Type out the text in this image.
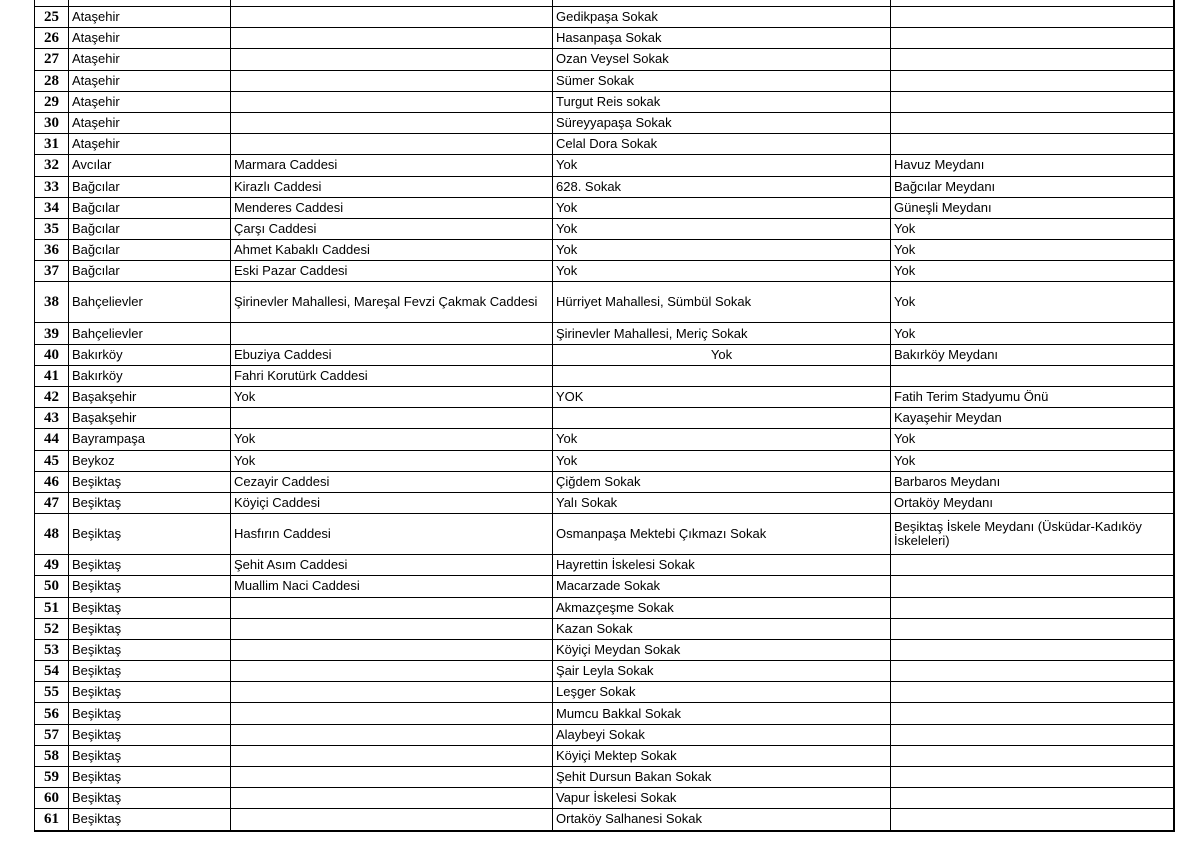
25	Ataşehir		Gedikpaşa Sokak	
26	Ataşehir		Hasanpaşa Sokak	
27	Ataşehir		Ozan Veysel Sokak	
28	Ataşehir		Sümer Sokak	
29	Ataşehir		Turgut Reis sokak	
30	Ataşehir		Süreyyapaşa Sokak	
31	Ataşehir		Celal Dora Sokak	
32	Avcılar	Marmara Caddesi	Yok	Havuz Meydanı
33	Bağcılar	Kirazlı Caddesi	628. Sokak	Bağcılar Meydanı
34	Bağcılar	Menderes Caddesi	Yok	Güneşli Meydanı
35	Bağcılar	Çarşı Caddesi	Yok	Yok
36	Bağcılar	Ahmet Kabaklı Caddesi	Yok	Yok
37	Bağcılar	Eski Pazar Caddesi	Yok	Yok
38	Bahçelievler	Şirinevler Mahallesi, Mareşal Fevzi Çakmak Caddesi	Hürriyet Mahallesi, Sümbül Sokak	Yok
39	Bahçelievler		Şirinevler Mahallesi, Meriç Sokak	Yok
40	Bakırköy	Ebuziya Caddesi	Yok	Bakırköy Meydanı
41	Bakırköy	Fahri Korutürk Caddesi		
42	Başakşehir	Yok	YOK	Fatih Terim Stadyumu Önü
43	Başakşehir			Kayaşehir Meydan
44	Bayrampaşa	Yok	Yok	Yok
45	Beykoz	Yok	Yok	Yok
46	Beşiktaş	Cezayir Caddesi	Çiğdem Sokak	Barbaros Meydanı
47	Beşiktaş	Köyiçi Caddesi	Yalı Sokak	Ortaköy Meydanı
48	Beşiktaş	Hasfırın Caddesi	Osmanpaşa Mektebi Çıkmazı Sokak	Beşiktaş İskele Meydanı (Üsküdar-Kadıköy İskeleleri)
49	Beşiktaş	Şehit Asım Caddesi	Hayrettin İskelesi Sokak	
50	Beşiktaş	Muallim Naci Caddesi	Macarzade Sokak	
51	Beşiktaş		Akmazçeşme Sokak	
52	Beşiktaş		Kazan Sokak	
53	Beşiktaş		Köyiçi Meydan Sokak	
54	Beşiktaş		Şair Leyla Sokak	
55	Beşiktaş		Leşger Sokak	
56	Beşiktaş		Mumcu Bakkal Sokak	
57	Beşiktaş		Alaybeyi Sokak	
58	Beşiktaş		Köyiçi Mektep Sokak	
59	Beşiktaş		Şehit Dursun Bakan Sokak	
60	Beşiktaş		Vapur İskelesi Sokak	
61	Beşiktaş		Ortaköy Salhanesi Sokak	
